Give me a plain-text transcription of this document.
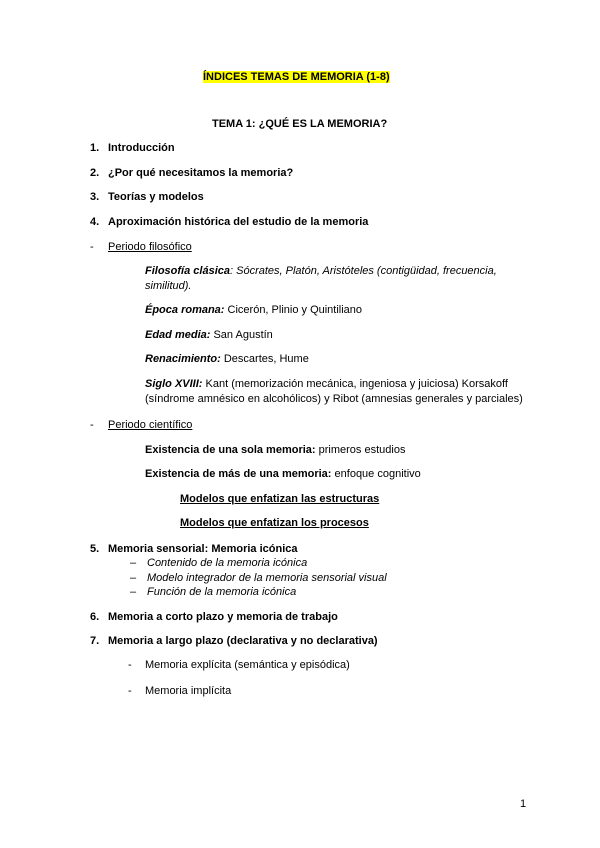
ÍNDICES TEMAS DE MEMORIA (1-8)
TEMA 1: ¿QUÉ ES LA MEMORIA?
1. Introducción
2. ¿Por qué necesitamos la memoria?
3. Teorías y modelos
4. Aproximación histórica del estudio de la memoria
- Periodo filosófico
Filosofía clásica: Sócrates, Platón, Aristóteles (contigüidad, frecuencia, similitud).
Época romana: Cicerón, Plinio y Quintiliano
Edad media: San Agustín
Renacimiento: Descartes, Hume
Siglo XVIII: Kant (memorización mecánica, ingeniosa y juiciosa) Korsakoff (síndrome amnésico en alcohólicos) y Ribot (amnesias generales y parciales)
- Periodo científico
Existencia de una sola memoria: primeros estudios
Existencia de más de una memoria: enfoque cognitivo
Modelos que enfatizan las estructuras
Modelos que enfatizan los procesos
5. Memoria sensorial: Memoria icónica
– Contenido de la memoria icónica
– Modelo integrador de la memoria sensorial visual
– Función de la memoria icónica
6. Memoria a corto plazo y memoria de trabajo
7. Memoria a largo plazo (declarativa y no declarativa)
- Memoria explícita (semántica y episódica)
- Memoria implícita
1
